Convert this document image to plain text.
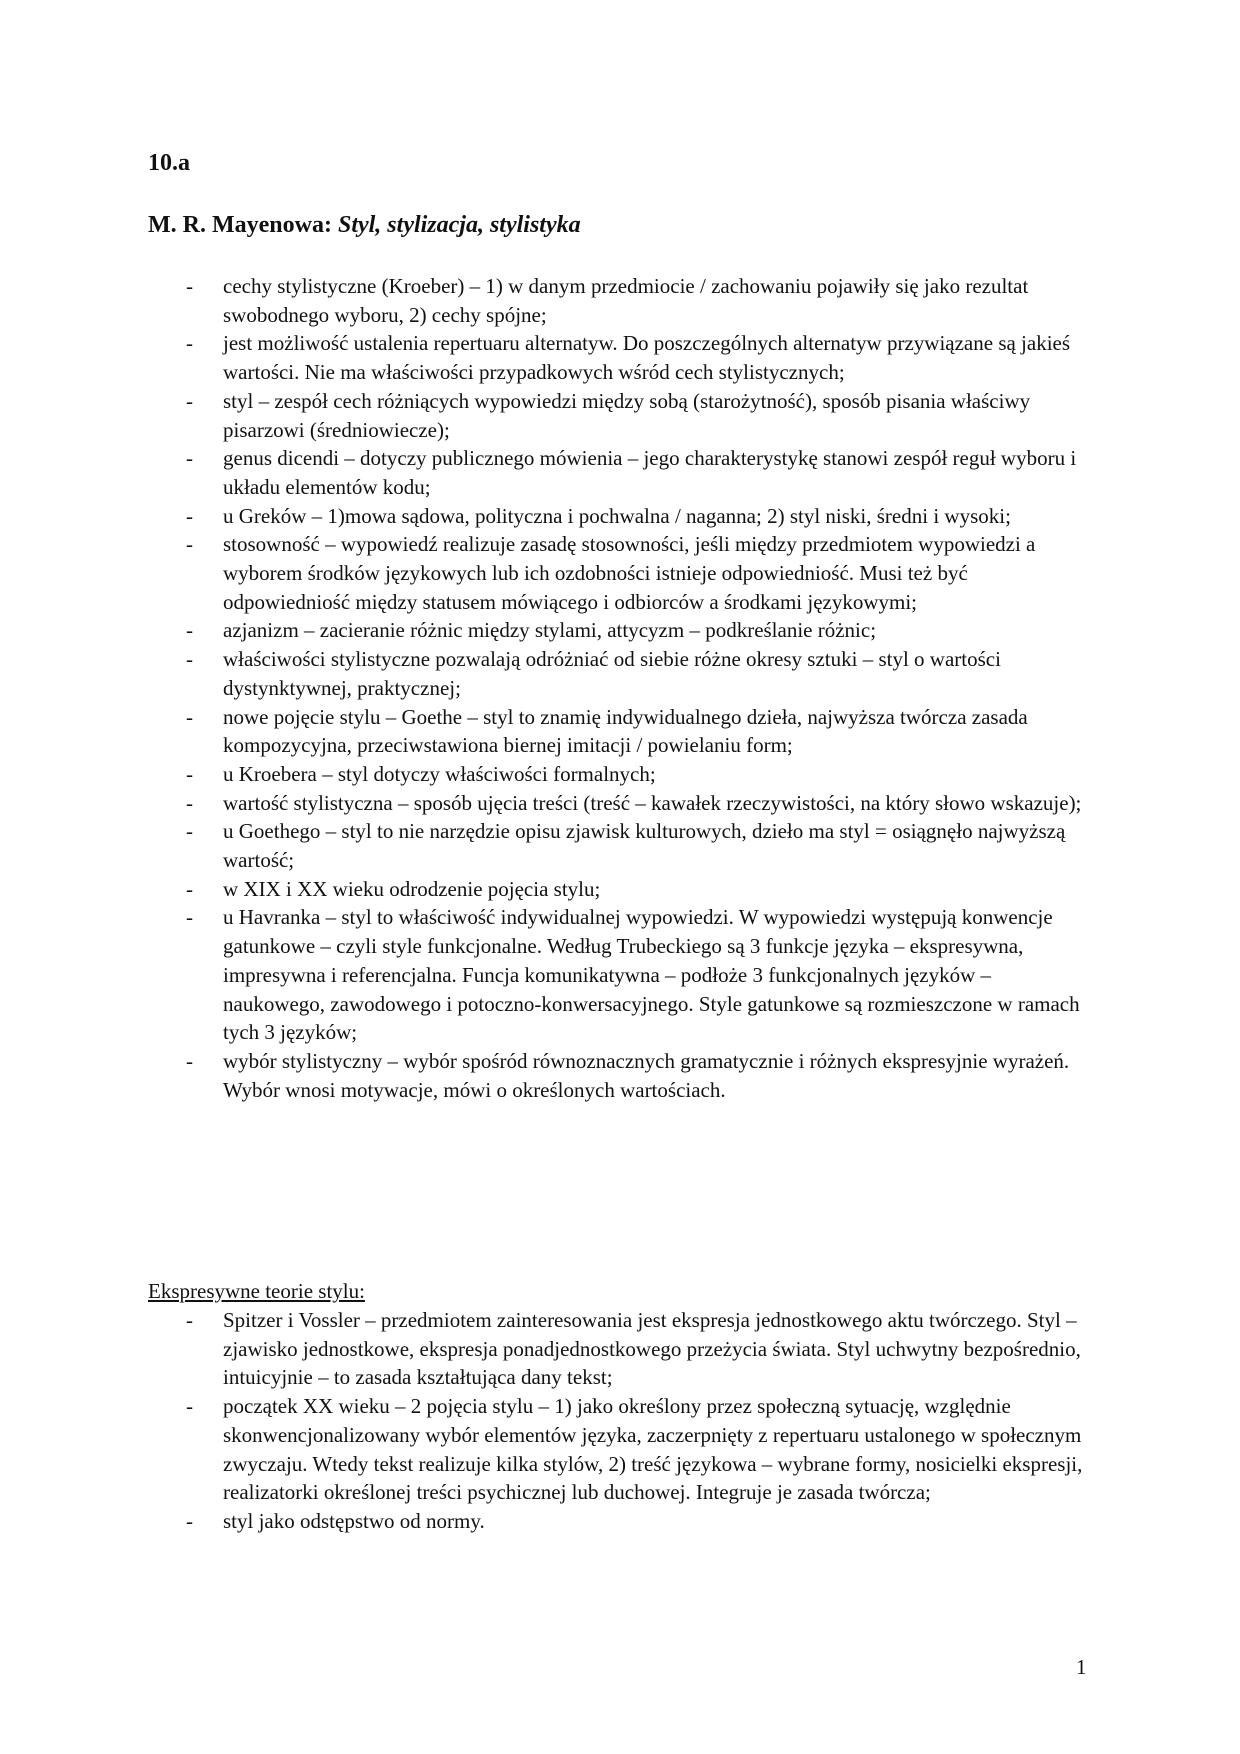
10.a
M. R. Mayenowa: Styl, stylizacja, stylistyka
- cechy stylistyczne (Kroeber) – 1) w danym przedmiocie / zachowaniu pojawiły się jako rezultat swobodnego wyboru, 2) cechy spójne;
- jest możliwość ustalenia repertuaru alternatyw. Do poszczególnych alternatyw przywiązane są jakieś wartości. Nie ma właściwości przypadkowych wśród cech stylistycznych;
- styl – zespół cech różniących wypowiedzi między sobą (starożytność), sposób pisania właściwy pisarzowi (średniowiecze);
- genus dicendi – dotyczy publicznego mówienia – jego charakterystykę stanowi zespół reguł wyboru i układu elementów kodu;
- u Greków – 1)mowa sądowa, polityczna i pochwalna / naganna; 2) styl niski, średni i wysoki;
- stosowność – wypowiedź realizuje zasadę stosowności, jeśli między przedmiotem wypowiedzi a wyborem środków językowych lub ich ozdobności istnieje odpowiedniość. Musi też być odpowiedniość między statusem mówiącego i odbiorców a środkami językowymi;
- azjanizm – zacieranie różnic między stylami, attycyzm – podkreślanie różnic;
- właściwości stylistyczne pozwalają odróżniać od siebie różne okresy sztuki – styl o wartości dystynktywnej, praktycznej;
- nowe pojęcie stylu – Goethe – styl to znamię indywidualnego dzieła, najwyższa twórcza zasada kompozycyjna, przeciwstawiona biernej imitacji / powielaniu form;
- u Kroebera – styl dotyczy właściwości formalnych;
- wartość stylistyczna – sposób ujęcia treści (treść – kawałek rzeczywistości, na który słowo wskazuje);
- u Goethego – styl to nie narzędzie opisu zjawisk kulturowych, dzieło ma styl = osiągnęło najwyższą wartość;
- w XIX i XX wieku odrodzenie pojęcia stylu;
- u Havranka – styl to właściwość indywidualnej wypowiedzi. W wypowiedzi występują konwencje gatunkowe – czyli style funkcjonalne. Według Trubeckiego są 3 funkcje języka – ekspresywna, impresywna i referencjalna. Funcja komunikatywna – podłoże 3 funkcjonalnych języków – naukowego, zawodowego i potoczno-konwersacyjnego. Style gatunkowe są rozmieszczone w ramach tych 3 języków;
- wybór stylistyczny – wybór spośród równoznacznych gramatycznie i różnych ekspresyjnie wyrażeń. Wybór wnosi motywacje, mówi o określonych wartościach.

Ekspresywne teorie stylu:

- Spitzer i Vossler – przedmiotem zainteresowania jest ekspresja jednostkowego aktu twórczego. Styl – zjawisko jednostkowe, ekspresja ponadjednostkowego przeżycia świata. Styl uchwytny bezpośrednio, intuicyjnie – to zasada kształtująca dany tekst;
- początek XX wieku – 2 pojęcia stylu – 1) jako określony przez społeczną sytuację, względnie skonwencjonalizowany wybór elementów języka, zaczerpnięty z repertuaru ustalonego w społecznym zwyczaju. Wtedy tekst realizuje kilka stylów, 2) treść językowa – wybrane formy, nosicielki ekspresji, realizatorki określonej treści psychicznej lub duchowej. Integruje je zasada twórcza;
- styl jako odstępstwo od normy.
1
